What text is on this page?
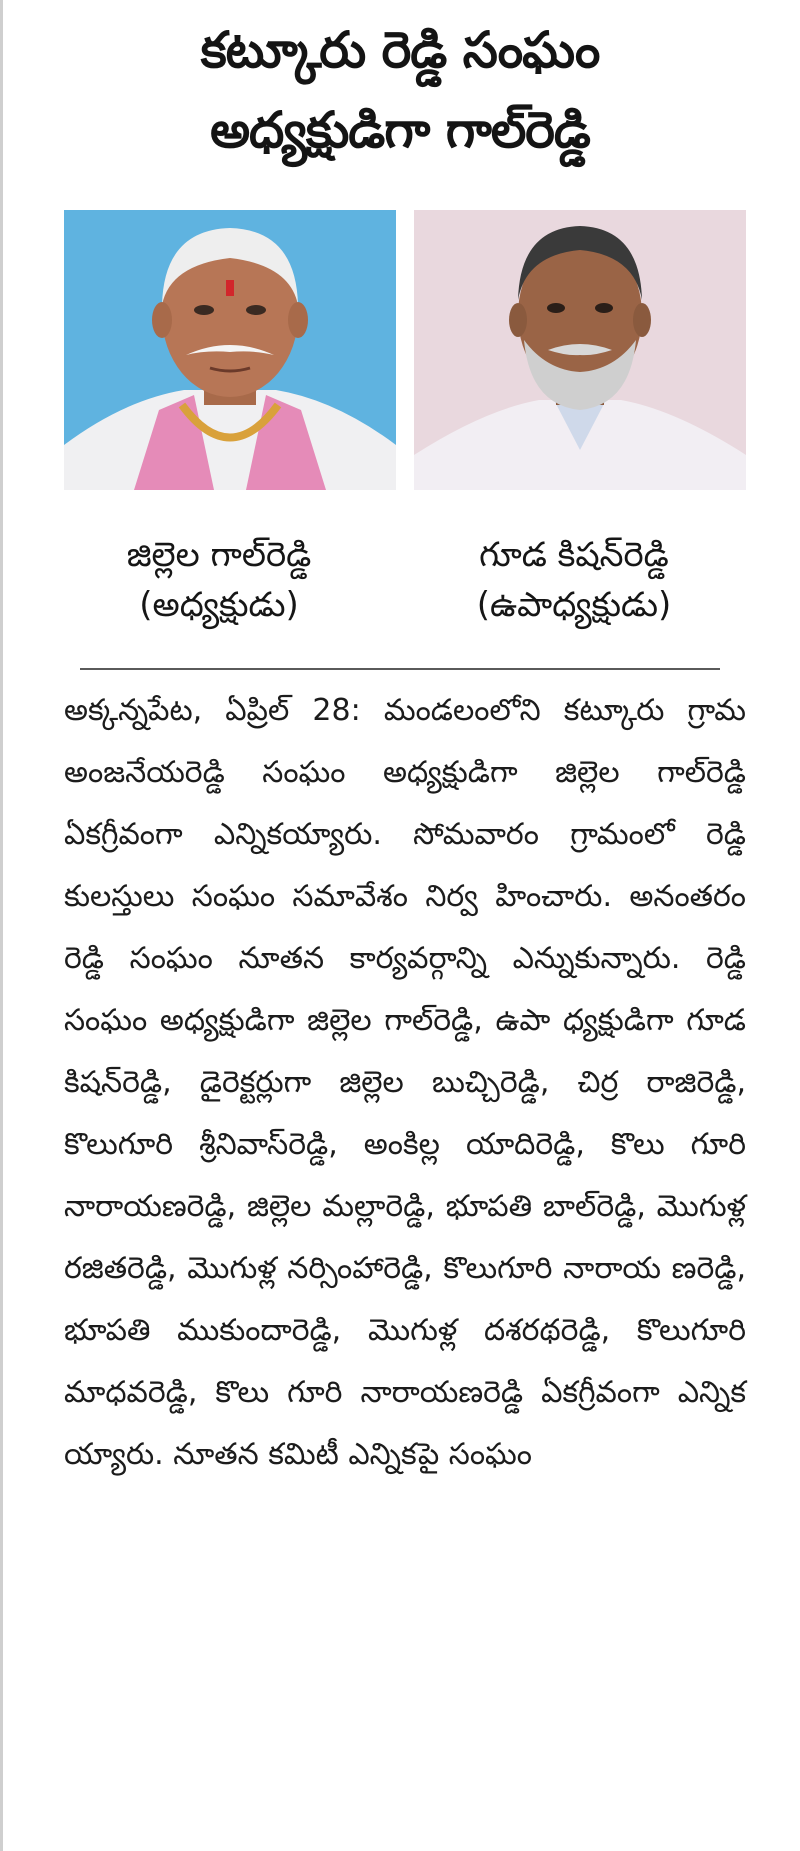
కట్కూరు రెడ్డి సంఘం
అధ్యక్షుడిగా గాల్‌రెడ్డి
జిల్లెల గాల్‌రెడ్డి
(అధ్యక్షుడు)
గూడ కిషన్‌రెడ్డి
(ఉపాధ్యక్షుడు)
అక్కన్నపేట, ఏప్రిల్ 28: మండలంలోని కట్కూరు గ్రామ అంజనేయరెడ్డి సంఘం అధ్యక్షుడిగా జిల్లెల గాల్‌రెడ్డి ఏకగ్రీవంగా ఎన్నికయ్యారు. సోమవారం గ్రామంలో రెడ్డి కులస్తులు సంఘం సమావేశం నిర్వ హించారు. అనంతరం రెడ్డి సంఘం నూతన కార్యవర్గాన్ని ఎన్నుకున్నారు. రెడ్డి సంఘం అధ్యక్షుడిగా జిల్లెల గాల్‌రెడ్డి, ఉపా ధ్యక్షుడిగా గూడ కిషన్‌రెడ్డి, డైరెక్టర్లుగా జిల్లెల బుచ్చిరెడ్డి, చిర్ర రాజిరెడ్డి, కొలుగూరి శ్రీనివాస్‌రెడ్డి, అంకిల్ల యాదిరెడ్డి, కొలు గూరి నారాయణరెడ్డి, జిల్లెల మల్లారెడ్డి, భూపతి బాల్‌రెడ్డి, మొగుళ్ల రజితరెడ్డి, మొగుళ్ల నర్సింహారెడ్డి, కొలుగూరి నారాయ ణరెడ్డి, భూపతి ముకుందారెడ్డి, మొగుళ్ల దశరథరెడ్డి, కొలుగూరి మాధవరెడ్డి, కొలు గూరి నారాయణరెడ్డి ఏకగ్రీవంగా ఎన్నిక య్యారు. నూతన కమిటీ ఎన్నికపై సంఘం
